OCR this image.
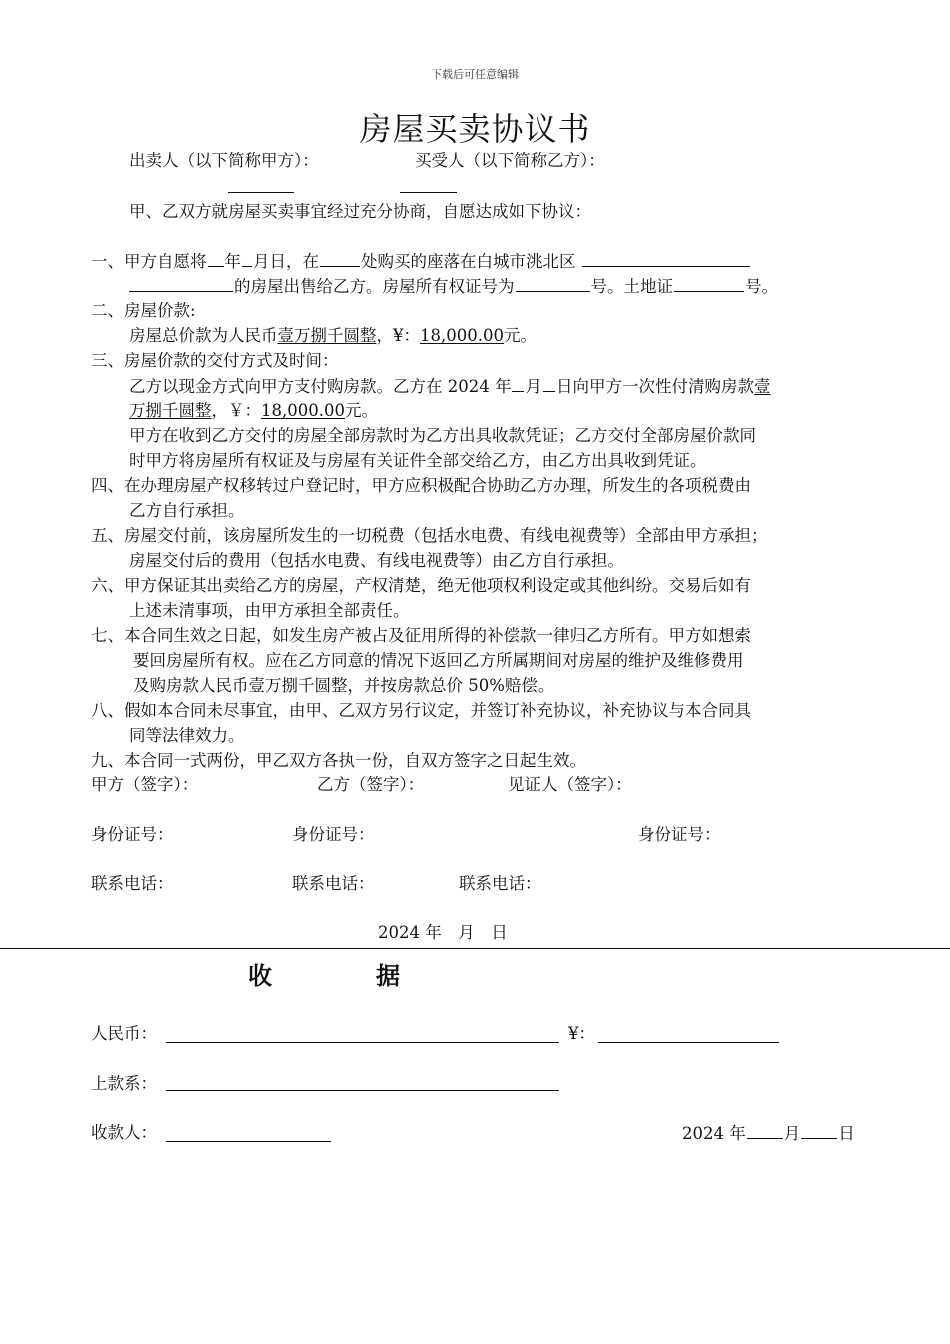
下载后可任意编辑
房屋买卖协议书
出卖人（以下简称甲方）：	买受人（以下简称乙方）：
甲、乙双方就房屋买卖事宜经过充分协商，自愿达成如下协议：
一、甲方自愿将 年 月日，在	处购买的座落在白城市洮北区
的房屋出售给乙方。房屋所有权证号为	号。土地证	号。
二、房屋价款:
房屋总价款为人民币壹万捌千圆整，¥：18,000.00元。
三、房屋价款的交付方式及时间：
乙方以现金方式向甲方支付购房款。乙方在 2024 年 月 日向甲方一次性付清购房款壹
万捌千圆整，￥：18,000.00元。
甲方在收到乙方交付的房屋全部房款时为乙方出具收款凭证；乙方交付全部房屋价款同
时甲方将房屋所有权证及与房屋有关证件全部交给乙方，由乙方出具收到凭证。
四、在办理房屋产权移转过户登记时，甲方应积极配合协助乙方办理，所发生的各项税费由
乙方自行承担。
五、房屋交付前，该房屋所发生的一切税费（包括水电费、有线电视费等）全部由甲方承担；
房屋交付后的费用（包括水电费、有线电视费等）由乙方自行承担。
六、甲方保证其出卖给乙方的房屋，产权清楚，绝无他项权利设定或其他纠纷。交易后如有
上述未清事项，由甲方承担全部责任。
七、本合同生效之日起，如发生房产被占及征用所得的补偿款一律归乙方所有。甲方如想索
要回房屋所有权。应在乙方同意的情况下返回乙方所属期间对房屋的维护及维修费用
及购房款人民币壹万捌千圆整，并按房款总价 50%赔偿。
八、假如本合同未尽事宜，由甲、乙双方另行议定，并签订补充协议，补充协议与本合同具
同等法律效力。
九、本合同一式两份，甲乙双方各执一份，自双方签字之日起生效。
甲方（签字）：	乙方（签字）：	见证人（签字）：
身份证号：	身份证号：	身份证号：
联系电话：	联系电话：	联系电话：
2024 年　月　日
收	据
人民币：	¥：
上款系：
收款人：	2024 年 月 日
